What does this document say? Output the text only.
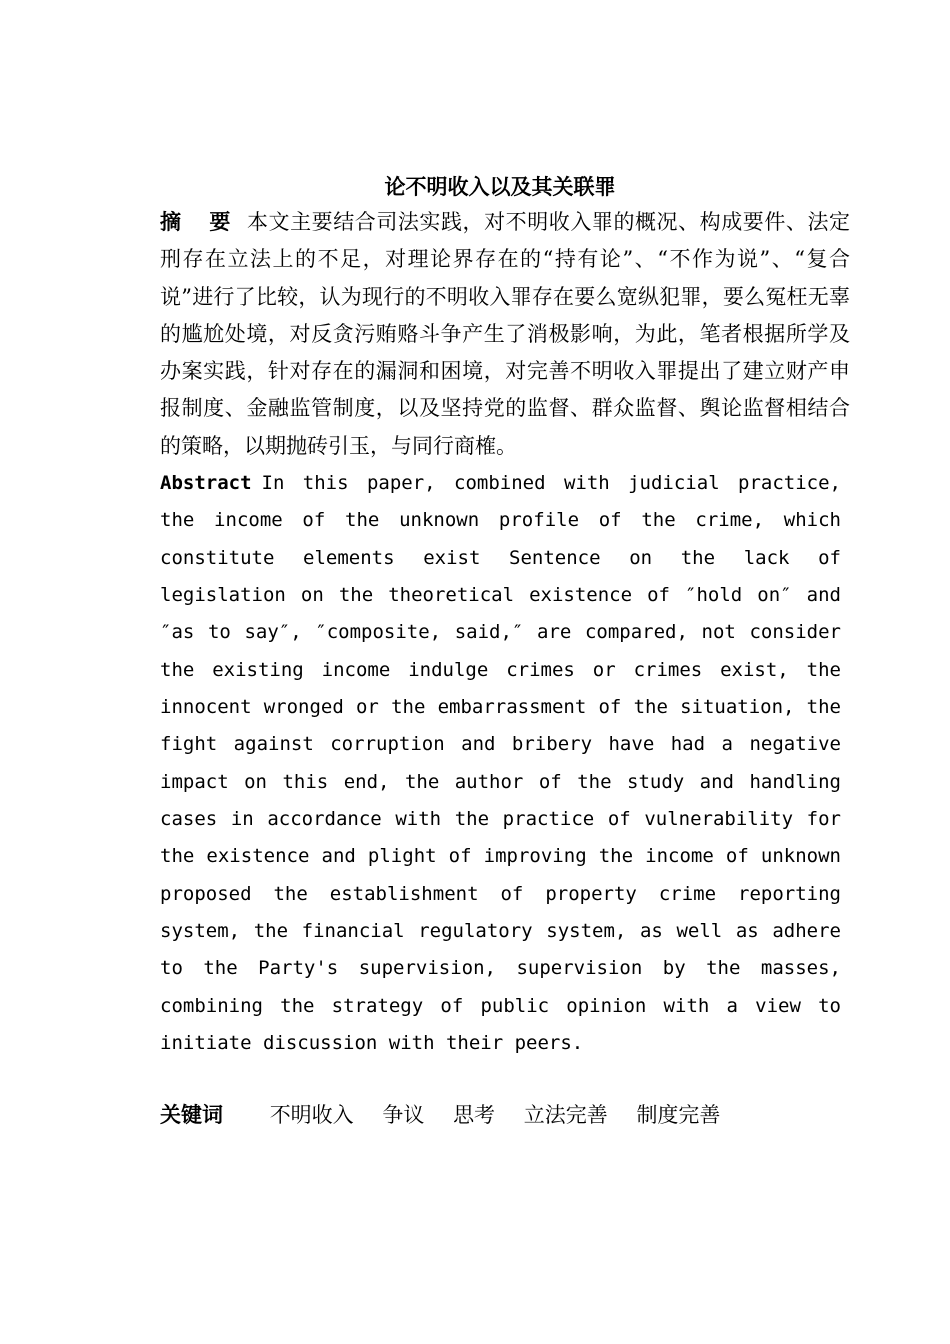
论不明收入以及其关联罪
摘 要 本文主要结合司法实践，对不明收入罪的概况、构成要件、法定刑存在立法上的不足，对理论界存在的“持有论”、“不作为说”、“复合说”进行了比较，认为现行的不明收入罪存在要么宽纵犯罪，要么冤枉无辜的尴尬处境，对反贪污贿赂斗争产生了消极影响，为此，笔者根据所学及办案实践，针对存在的漏洞和困境，对完善不明收入罪提出了建立财产申报制度、金融监管制度，以及坚持党的监督、群众监督、舆论监督相结合的策略，以期抛砖引玉，与同行商榷。
Abstract In this paper, combined with judicial practice, the income of the unknown profile of the crime, which constitute elements exist Sentence on the lack of legislation on the theoretical existence of ″hold on″ and ″as to say″, ″composite, said,″ are compared, not consider the existing income indulge crimes or crimes exist, the innocent wronged or the embarrassment of the situation, the fight against corruption and bribery have had a negative impact on this end, the author of the study and handling cases in accordance with the practice of vulnerability for the existence and plight of improving the income of unknown proposed the establishment of property crime reporting system, the financial regulatory system, as well as adhere to the Party's supervision, supervision by the masses, combining the strategy of public opinion with a view to initiate discussion with their peers.
关键词 不明收入 争议 思考 立法完善 制度完善
